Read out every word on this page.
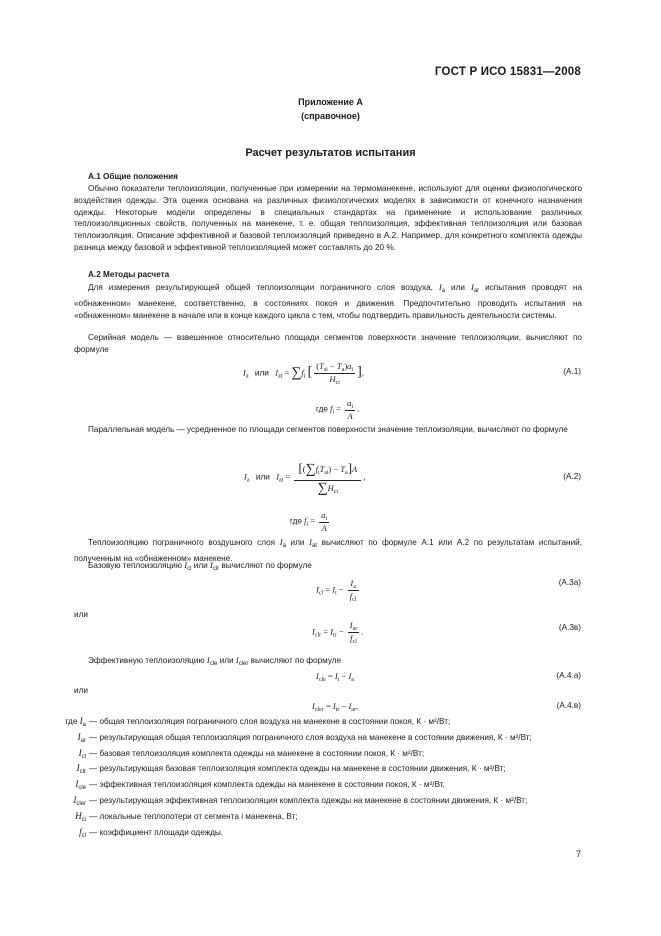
ГОСТ Р ИСО 15831—2008
Приложение А
(справочное)
Расчет результатов испытания
А.1 Общие положения
Обычно показатели теплоизоляции, полученные при измерении на термоманекене, используют для оценки физиологического воздействия одежды. Эта оценка основана на различных физиологических моделях в зависимости от конечного назначения одежды. Некоторые модели определены в специальных стандартах на применение и использование различных теплоизоляционных свойств, полученных на манекене, т. е. общая теплоизоляция, эффективная теплоизоляция или базовая теплоизоляция. Описание эффективной и базовой теплоизоляций приведено в А.2. Например, для конкретного комплекта одежды разница между базовой и эффективной теплоизоляцией может составлять до 20 %.
А.2 Методы расчета
Для измерения результирующей общей теплоизоляции пограничного слоя воздуха, $I_a$ или $I_{ar}$ испытания проводят на «обнаженном» манекене, соответственно, в состояниях покоя и движения. Предпочтительно проводить испытания на «обнаженном» манекене в начале или в конце каждого цикла с тем, чтобы подтвердить правильность деятельности системы.
Серийная модель — взвешенное относительно площади сегментов поверхности значение теплоизоляции, вычисляют по формуле
$I_a$ или $I_{at} = \sum f_i$ [ $\frac{(T_{si} - T_a)a_i}{H_{ci}}$ ],	(А.1)
где $f_i = \frac{a_i}{A}$ .
Параллельная модель — усредненное по площади сегментов поверхности значение теплоизоляции, вычисляют по формуле
$I_a$ или $I_{at} = \frac{[(\sum f_iT_{si}) - T_a]A}{\sum H_{ci}}$ ,	(А.2)
где $f_i = \frac{a_i}{A}$
Теплоизоляцию пограничного воздушного слоя $I_a$ или $I_{at}$ вычисляют по формуле А.1 или А.2 по результатам испытаний, полученным на «обнаженном» манекене.
Базовую теплоизоляцию $I_{cl}$ или $I_{clr}$ вычисляют по формуле
$I_{cl} = I_t - \frac{I_a}{f_{cl}}$	(А.3а)
или
$I_{clr} = I_{tr} - \frac{I_{ar}}{f_{cl}}$ .	(А.3в)
Эффективную теплоизоляцию $I_{cle}$ или $I_{cler}$ вычисляют по формуле
$I_{cle} = I_t - I_a$	(А.4.а)
или
$I_{cler} = I_{tr} - I_{ar}$,	(А.4.в)
где $I_a$ — общая теплоизоляция пограничного слоя воздуха на манекене в состоянии покоя, К · м²/Вт;
$I_{ar}$ — результирующая общая теплоизоляция пограничного слоя воздуха на манекене в состоянии движения, К · м²/Вт;
$I_{cl}$ — базовая теплоизоляция комплекта одежды на манекене в состоянии покоя, К · м²/Вт;
$I_{clr}$ — результирующая базовая теплоизоляция комплекта одежды на манекене в состоянии движения, К · м²/Вт;
$I_{cle}$ — эффективная теплоизоляция комплекта одежды на манекене в состоянии покоя, К · м²/Вт,
$I_{cler}$ — результирующая эффективная теплоизоляция комплекта одежды на манекене в состоянии движения, К · м²/Вт;
$H_{ci}$ — локальные теплопотери от сегмента i манекена, Вт;
$f_{cl}$ — коэффициент площади одежды.
7
